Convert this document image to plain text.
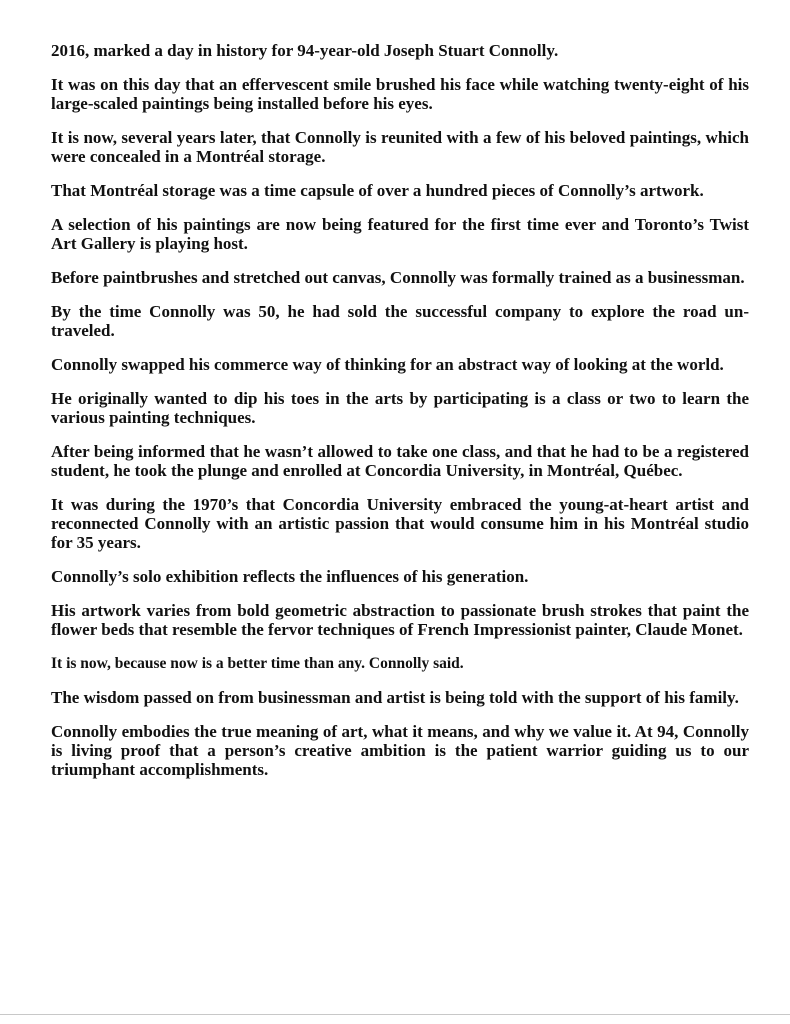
2016, marked a day in history for 94-year-old Joseph Stuart Connolly.

It was on this day that an effervescent smile brushed his face while watching twenty-eight of his large-scaled paintings being installed before his eyes.

It is now, several years later, that Connolly is reunited with a few of his beloved paintings, which were concealed in a Montréal storage.

That Montréal storage was a time capsule of over a hundred pieces of Connolly’s artwork.

A selection of his paintings are now being featured for the first time ever and Toronto’s Twist Art Gallery is playing host.

Before paintbrushes and stretched out canvas, Connolly was formally trained as a businessman.

By the time Connolly was 50, he had sold the successful company to explore the road untraveled.

Connolly swapped his commerce way of thinking for an abstract way of looking at the world.

He originally wanted to dip his toes in the arts by participating is a class or two to learn the various painting techniques.

After being informed that he wasn’t allowed to take one class, and that he had to be a registered student, he took the plunge and enrolled at Concordia University, in Montréal, Québec.

It was during the 1970’s that Concordia University embraced the young-at-heart artist and reconnected Connolly with an artistic passion that would consume him in his Montréal studio for 35 years.

Connolly’s solo exhibition reflects the influences of his generation.

His artwork varies from bold geometric abstraction to passionate brush strokes that paint the flower beds that resemble the fervor techniques of French Impressionist painter, Claude Monet.

It is now, because now is a better time than any. Connolly said.

The wisdom passed on from businessman and artist is being told with the support of his family.

Connolly embodies the true meaning of art, what it means, and why we value it. At 94, Connolly is living proof that a person’s creative ambition is the patient warrior guiding us to our triumphant accomplishments.
